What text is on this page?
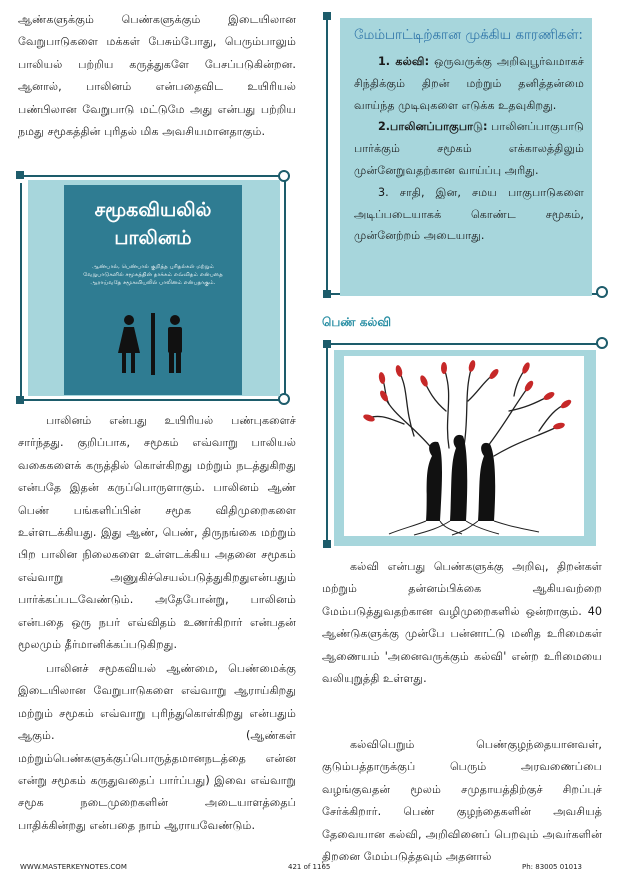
ஆண்களுக்கும் பெண்களுக்கும் இடையிலான வேறுபாடுகளை மக்கள் பேசும்போது, பெரும்பாலும் பாலியல் பற்றிய கருத்துகளே பேசப்படுகின்றன. ஆனால், பாலினம் என்பதைவிட உயிரியல் பண்பிலான வேறுபாடு மட்டுமே அது என்பது பற்றிய நமது சமூகத்தின் புரிதல் மிக அவசியமானதாகும்.

சமூகவியலில்
பாலினம்
ஆண்பால், பெண்பால் குறித்த புரிதல்கள் மற்றும் வேறுபாடுகளில் சமூகத்தின் தாக்கம் எவ்விதம் என்பதை ஆராய்வதே சமூகவியலில் பாலினம் என்பதாகும்.

பாலினம் என்பது உயிரியல் பண்புகளைச் சார்ந்தது. குறிப்பாக, சமூகம் எவ்வாறு பாலியல் வகைகளைக் கருத்தில் கொள்கிறது மற்றும் நடத்துகிறது என்பதே இதன் கருப்பொருளாகும். பாலினம் ஆண் பெண் பங்களிப்பின் சமூக விதிமுறைகளை உள்ளடக்கியது. இது ஆண், பெண், திருநங்கை மற்றும் பிற பாலின நிலைகளை உள்ளடக்கிய அதனை சமூகம் எவ்வாறு அணுகிச்செயல்படுத்துகிறதுஎன்பதும் பார்க்கப்படவேண்டும். அதேபோன்று, பாலினம் என்பதை ஒரு நபர் எவ்விதம் உணர்கிறார் என்பதன் மூலமும் தீர்மானிக்கப்படுகிறது.

பாலினச் சமூகவியல் ஆண்மை, பெண்மைக்கு இடையிலான வேறுபாடுகளை எவ்வாறு ஆராய்கிறது மற்றும் சமூகம் எவ்வாறு புரிந்துகொள்கிறது என்பதும் ஆகும். (ஆண்கள் மற்றும்பெண்களுக்குப்பொருத்தமானநடத்தை என்ன என்று சமூகம் கருதுவதைப் பார்ப்பது) இவை எவ்வாறு சமூக நடைமுறைகளின் அடையாளத்தைப் பாதிக்கின்றது என்பதை நாம் ஆராயவேண்டும்.

மேம்பாட்டிற்கான முக்கிய காரணிகள்:

1. கல்வி: ஒருவருக்கு அறிவுபூர்வமாகச் சிந்திக்கும் திறன் மற்றும் தனித்தன்மை வாய்ந்த முடிவுகளை எடுக்க உதவுகிறது.

2.பாலினப்பாகுபாடு: பாலினப்பாகுபாடு பார்க்கும் சமூகம் எக்காலத்திலும் முன்னேறுவதற்கான வாய்ப்பு அரிது.

3. சாதி, இன, சமய பாகுபாடுகளை அடிப்படையாகக் கொண்ட சமூகம், முன்னேற்றம் அடையாது.

பெண் கல்வி

கல்வி என்பது பெண்களுக்கு அறிவு, திறன்கள் மற்றும் தன்னம்பிக்கை ஆகியவற்றை மேம்படுத்துவதற்கான வழிமுறைகளில் ஒன்றாகும். 40 ஆண்டுகளுக்கு முன்பே பன்னாட்டு மனித உரிமைகள் ஆணையம் 'அனைவருக்கும் கல்வி' என்ற உரிமையை வலியுறுத்தி உள்ளது.

கல்விபெறும் பெண்குழந்தையானவள், குடும்பத்தாருக்குப் பெரும் அரவணைப்பை வழங்குவதன் மூலம் சமுதாயத்திற்குச் சிறப்புச் சேர்க்கிறார். பெண் குழந்தைகளின் அவசியத் தேவையான கல்வி, அறிவினைப் பெறவும் அவர்களின் திறனை மேம்படுத்தவும் அதனால்

WWW.MASTERKEYNOTES.COM	421 of 1165	Ph: 83005 01013
